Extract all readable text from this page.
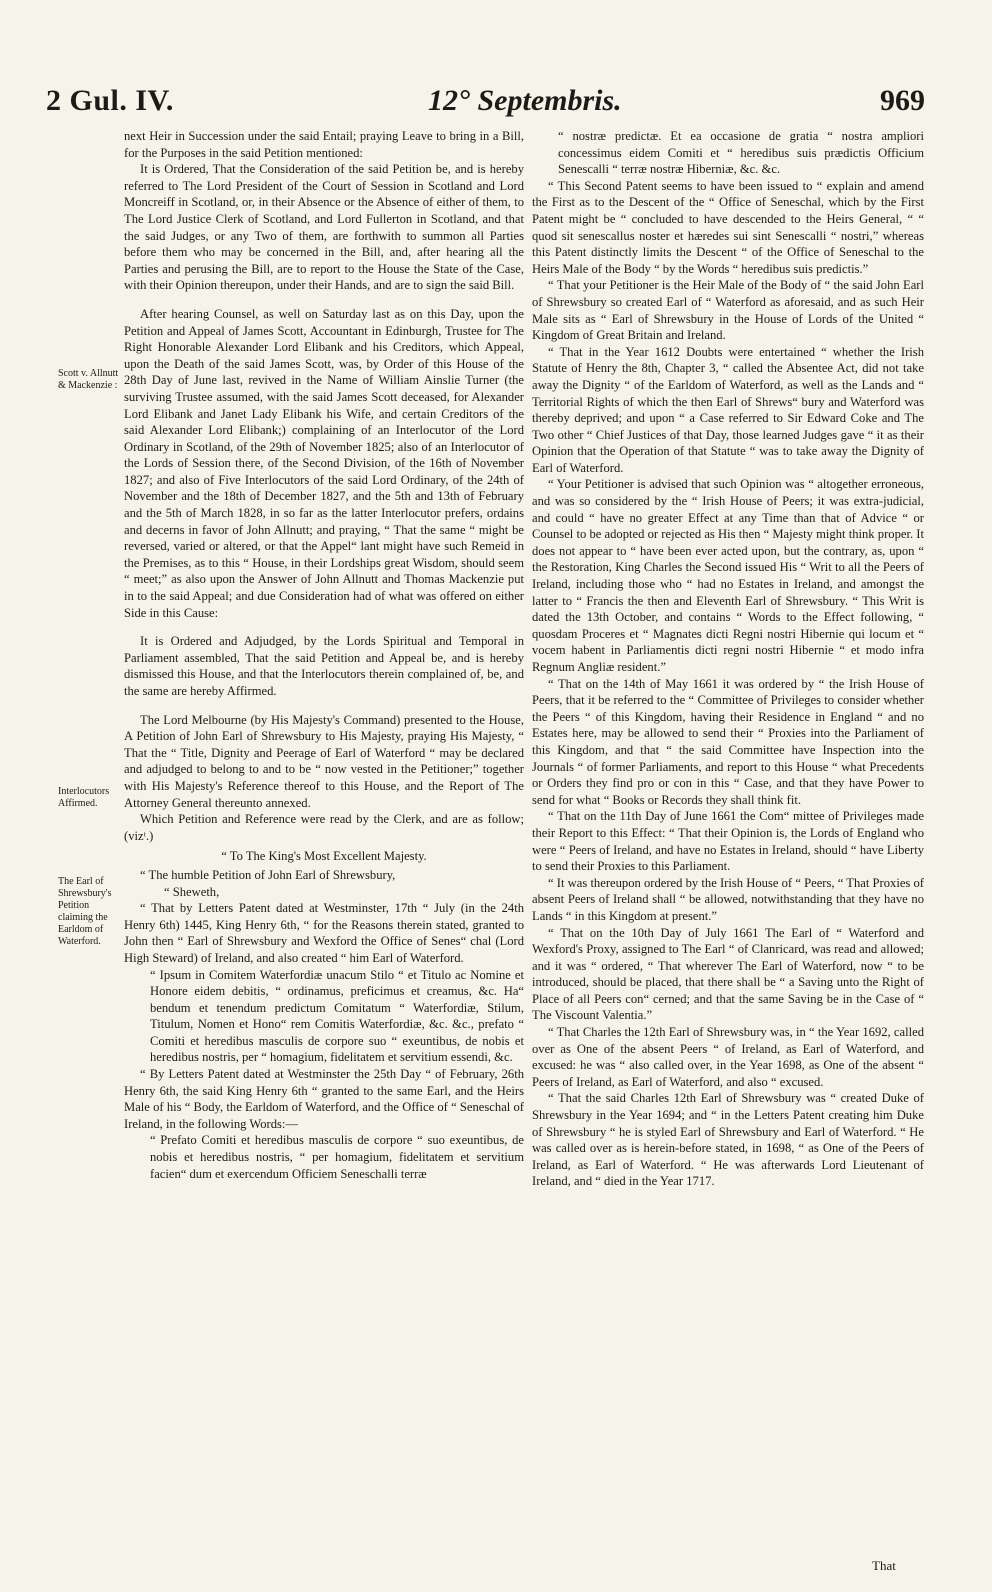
2 Gul. IV.	12° Septembris.	969
Scott v. Allnutt & Mackenzie :
Interlocutors Affirmed.
The Earl of Shrewsbury's Petition claiming the Earldom of Waterford.

next Heir in Succession under the said Entail; praying Leave to bring in a Bill, for the Purposes in the said Petition mentioned:

It is Ordered, That the Consideration of the said Petition be, and is hereby referred to The Lord President of the Court of Session in Scotland and Lord Moncreiff in Scotland, or, in their Absence or the Absence of either of them, to The Lord Justice Clerk of Scotland, and Lord Fullerton in Scotland, and that the said Judges, or any Two of them, are forthwith to summon all Parties before them who may be concerned in the Bill, and, after hearing all the Parties and perusing the Bill, are to report to the House the State of the Case, with their Opinion thereupon, under their Hands, and are to sign the said Bill.

After hearing Counsel, as well on Saturday last as on this Day, upon the Petition and Appeal of James Scott, Accountant in Edinburgh, Trustee for The Right Honorable Alexander Lord Elibank and his Creditors, which Appeal, upon the Death of the said James Scott, was, by Order of this House of the 28th Day of June last, revived in the Name of William Ainslie Turner (the surviving Trustee assumed, with the said James Scott deceased, for Alexander Lord Elibank and Janet Lady Elibank his Wife, and certain Creditors of the said Alexander Lord Elibank;) complaining of an Interlocutor of the Lord Ordinary in Scotland, of the 29th of November 1825; also of an Interlocutor of the Lords of Session there, of the Second Division, of the 16th of November 1827; and also of Five Interlocutors of the said Lord Ordinary, of the 24th of November and the 18th of December 1827, and the 5th and 13th of February and the 5th of March 1828, in so far as the latter Interlocutor prefers, ordains and decerns in favor of John Allnutt; and praying, “ That the same “ might be reversed, varied or altered, or that the Appel“ lant might have such Remeid in the Premises, as to this “ House, in their Lordships great Wisdom, should seem “ meet;” as also upon the Answer of John Allnutt and Thomas Mackenzie put in to the said Appeal; and due Consideration had of what was offered on either Side in this Cause:

It is Ordered and Adjudged, by the Lords Spiritual and Temporal in Parliament assembled, That the said Petition and Appeal be, and is hereby dismissed this House, and that the Interlocutors therein complained of, be, and the same are hereby Affirmed.

The Lord Melbourne (by His Majesty's Command) presented to the House, A Petition of John Earl of Shrewsbury to His Majesty, praying His Majesty, “ That the “ Title, Dignity and Peerage of Earl of Waterford “ may be declared and adjudged to belong to and to be “ now vested in the Petitioner;” together with His Majesty's Reference thereof to this House, and the Report of The Attorney General thereunto annexed.

Which Petition and Reference were read by the Clerk, and are as follow; (vizᵗ.)

“ To The King's Most Excellent Majesty.

“ The humble Petition of John Earl of Shrewsbury,

“ Sheweth,

“ That by Letters Patent dated at Westminster, 17th “ July (in the 24th Henry 6th) 1445, King Henry 6th, “ for the Reasons therein stated, granted to John then “ Earl of Shrewsbury and Wexford the Office of Senes“ chal (Lord High Steward) of Ireland, and also created “ him Earl of Waterford.

“ Ipsum in Comitem Waterfordiæ unacum Stilo “ et Titulo ac Nomine et Honore eidem debitis, “ ordinamus, preficimus et creamus, &c. Ha“ bendum et tenendum predictum Comitatum “ Waterfordiæ, Stilum, Titulum, Nomen et Hono“ rem Comitis Waterfordiæ, &c. &c., prefato “ Comiti et heredibus masculis de corpore suo “ exeuntibus, de nobis et heredibus nostris, per “ homagium, fidelitatem et servitium essendi, &c.

“ By Letters Patent dated at Westminster the 25th Day “ of February, 26th Henry 6th, the said King Henry 6th “ granted to the same Earl, and the Heirs Male of his “ Body, the Earldom of Waterford, and the Office of “ Seneschal of Ireland, in the following Words:—

“ Prefato Comiti et heredibus masculis de corpore “ suo exeuntibus, de nobis et heredibus nostris, “ per homagium, fidelitatem et servitium facien“ dum et exercendum Officiem Seneschalli terræ

“ nostræ predictæ. Et ea occasione de gratia “ nostra ampliori concessimus eidem Comiti et “ heredibus suis prædictis Officium Senescalli “ terræ nostræ Hiberniæ, &c. &c.

“ This Second Patent seems to have been issued to “ explain and amend the First as to the Descent of the “ Office of Seneschal, which by the First Patent might be “ concluded to have descended to the Heirs General, “ “ quod sit senescallus noster et hæredes sui sint Senescalli “ nostri,” whereas this Patent distinctly limits the Descent “ of the Office of Seneschal to the Heirs Male of the Body “ by the Words “ heredibus suis predictis.”

“ That your Petitioner is the Heir Male of the Body of “ the said John Earl of Shrewsbury so created Earl of “ Waterford as aforesaid, and as such Heir Male sits as “ Earl of Shrewsbury in the House of Lords of the United “ Kingdom of Great Britain and Ireland.

“ That in the Year 1612 Doubts were entertained “ whether the Irish Statute of Henry the 8th, Chapter 3, “ called the Absentee Act, did not take away the Dignity “ of the Earldom of Waterford, as well as the Lands and “ Territorial Rights of which the then Earl of Shrews“ bury and Waterford was thereby deprived; and upon “ a Case referred to Sir Edward Coke and The Two other “ Chief Justices of that Day, those learned Judges gave “ it as their Opinion that the Operation of that Statute “ was to take away the Dignity of Earl of Waterford.

“ Your Petitioner is advised that such Opinion was “ altogether erroneous, and was so considered by the “ Irish House of Peers; it was extra-judicial, and could “ have no greater Effect at any Time than that of Advice “ or Counsel to be adopted or rejected as His then “ Majesty might think proper. It does not appear to “ have been ever acted upon, but the contrary, as, upon “ the Restoration, King Charles the Second issued His “ Writ to all the Peers of Ireland, including those who “ had no Estates in Ireland, and amongst the latter to “ Francis the then and Eleventh Earl of Shrewsbury. “ This Writ is dated the 13th October, and contains “ Words to the Effect following, “ quosdam Proceres et “ Magnates dicti Regni nostri Hibernie qui locum et “ vocem habent in Parliamentis dicti regni nostri Hibernie “ et modo infra Regnum Angliæ resident.”

“ That on the 14th of May 1661 it was ordered by “ the Irish House of Peers, that it be referred to the “ Committee of Privileges to consider whether the Peers “ of this Kingdom, having their Residence in England “ and no Estates here, may be allowed to send their “ Proxies into the Parliament of this Kingdom, and that “ the said Committee have Inspection into the Journals “ of former Parliaments, and report to this House “ what Precedents or Orders they find pro or con in this “ Case, and that they have Power to send for what “ Books or Records they shall think fit.

“ That on the 11th Day of June 1661 the Com“ mittee of Privileges made their Report to this Effect: “ That their Opinion is, the Lords of England who were “ Peers of Ireland, and have no Estates in Ireland, should “ have Liberty to send their Proxies to this Parliament.

“ It was thereupon ordered by the Irish House of “ Peers, “ That Proxies of absent Peers of Ireland shall “ be allowed, notwithstanding that they have no Lands “ in this Kingdom at present.”

“ That on the 10th Day of July 1661 The Earl of “ Waterford and Wexford's Proxy, assigned to The Earl “ of Clanricard, was read and allowed; and it was “ ordered, “ That wherever The Earl of Waterford, now “ to be introduced, should be placed, that there shall be “ a Saving unto the Right of Place of all Peers con“ cerned; and that the same Saving be in the Case of “ The Viscount Valentia.”

“ That Charles the 12th Earl of Shrewsbury was, in “ the Year 1692, called over as One of the absent Peers “ of Ireland, as Earl of Waterford, and excused: he was “ also called over, in the Year 1698, as One of the absent “ Peers of Ireland, as Earl of Waterford, and also “ excused.

“ That the said Charles 12th Earl of Shrewsbury was “ created Duke of Shrewsbury in the Year 1694; and “ in the Letters Patent creating him Duke of Shrewsbury “ he is styled Earl of Shrewsbury and Earl of Waterford. “ He was called over as is herein-before stated, in 1698, “ as One of the Peers of Ireland, as Earl of Waterford. “ He was afterwards Lord Lieutenant of Ireland, and “ died in the Year 1717.

That
